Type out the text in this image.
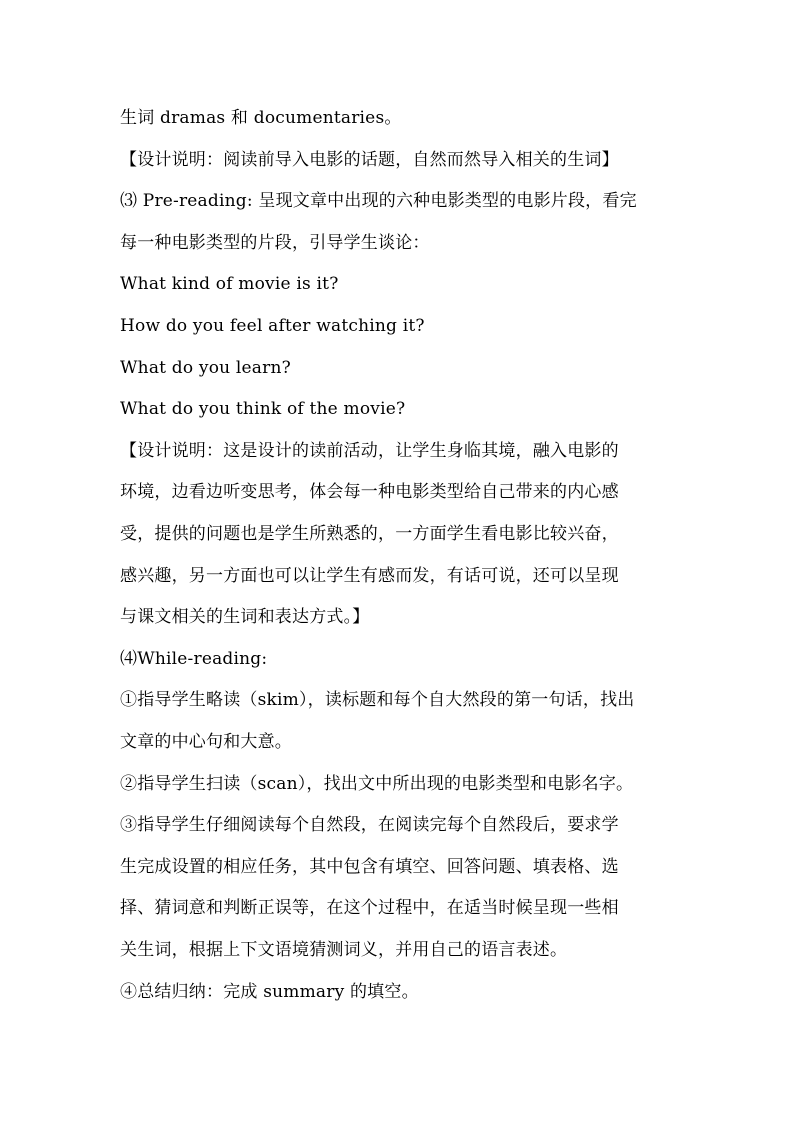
生词 dramas 和 documentaries。
【设计说明：阅读前导入电影的话题，自然而然导入相关的生词】
⑶ Pre-reading: 呈现文章中出现的六种电影类型的电影片段，看完
每一种电影类型的片段，引导学生谈论：
What kind of movie is it?
How do you feel after watching it?
What do you learn?
What do you think of the movie?
【设计说明：这是设计的读前活动，让学生身临其境，融入电影的
环境，边看边听变思考，体会每一种电影类型给自己带来的内心感
受，提供的问题也是学生所熟悉的，一方面学生看电影比较兴奋，
感兴趣，另一方面也可以让学生有感而发，有话可说，还可以呈现
与课文相关的生词和表达方式。】
⑷While-reading:
①指导学生略读（skim），读标题和每个自大然段的第一句话，找出
文章的中心句和大意。
②指导学生扫读（scan），找出文中所出现的电影类型和电影名字。
③指导学生仔细阅读每个自然段，在阅读完每个自然段后，要求学
生完成设置的相应任务，其中包含有填空、回答问题、填表格、选
择、猜词意和判断正误等，在这个过程中，在适当时候呈现一些相
关生词，根据上下文语境猜测词义，并用自己的语言表述。
④总结归纳：完成 summary 的填空。
